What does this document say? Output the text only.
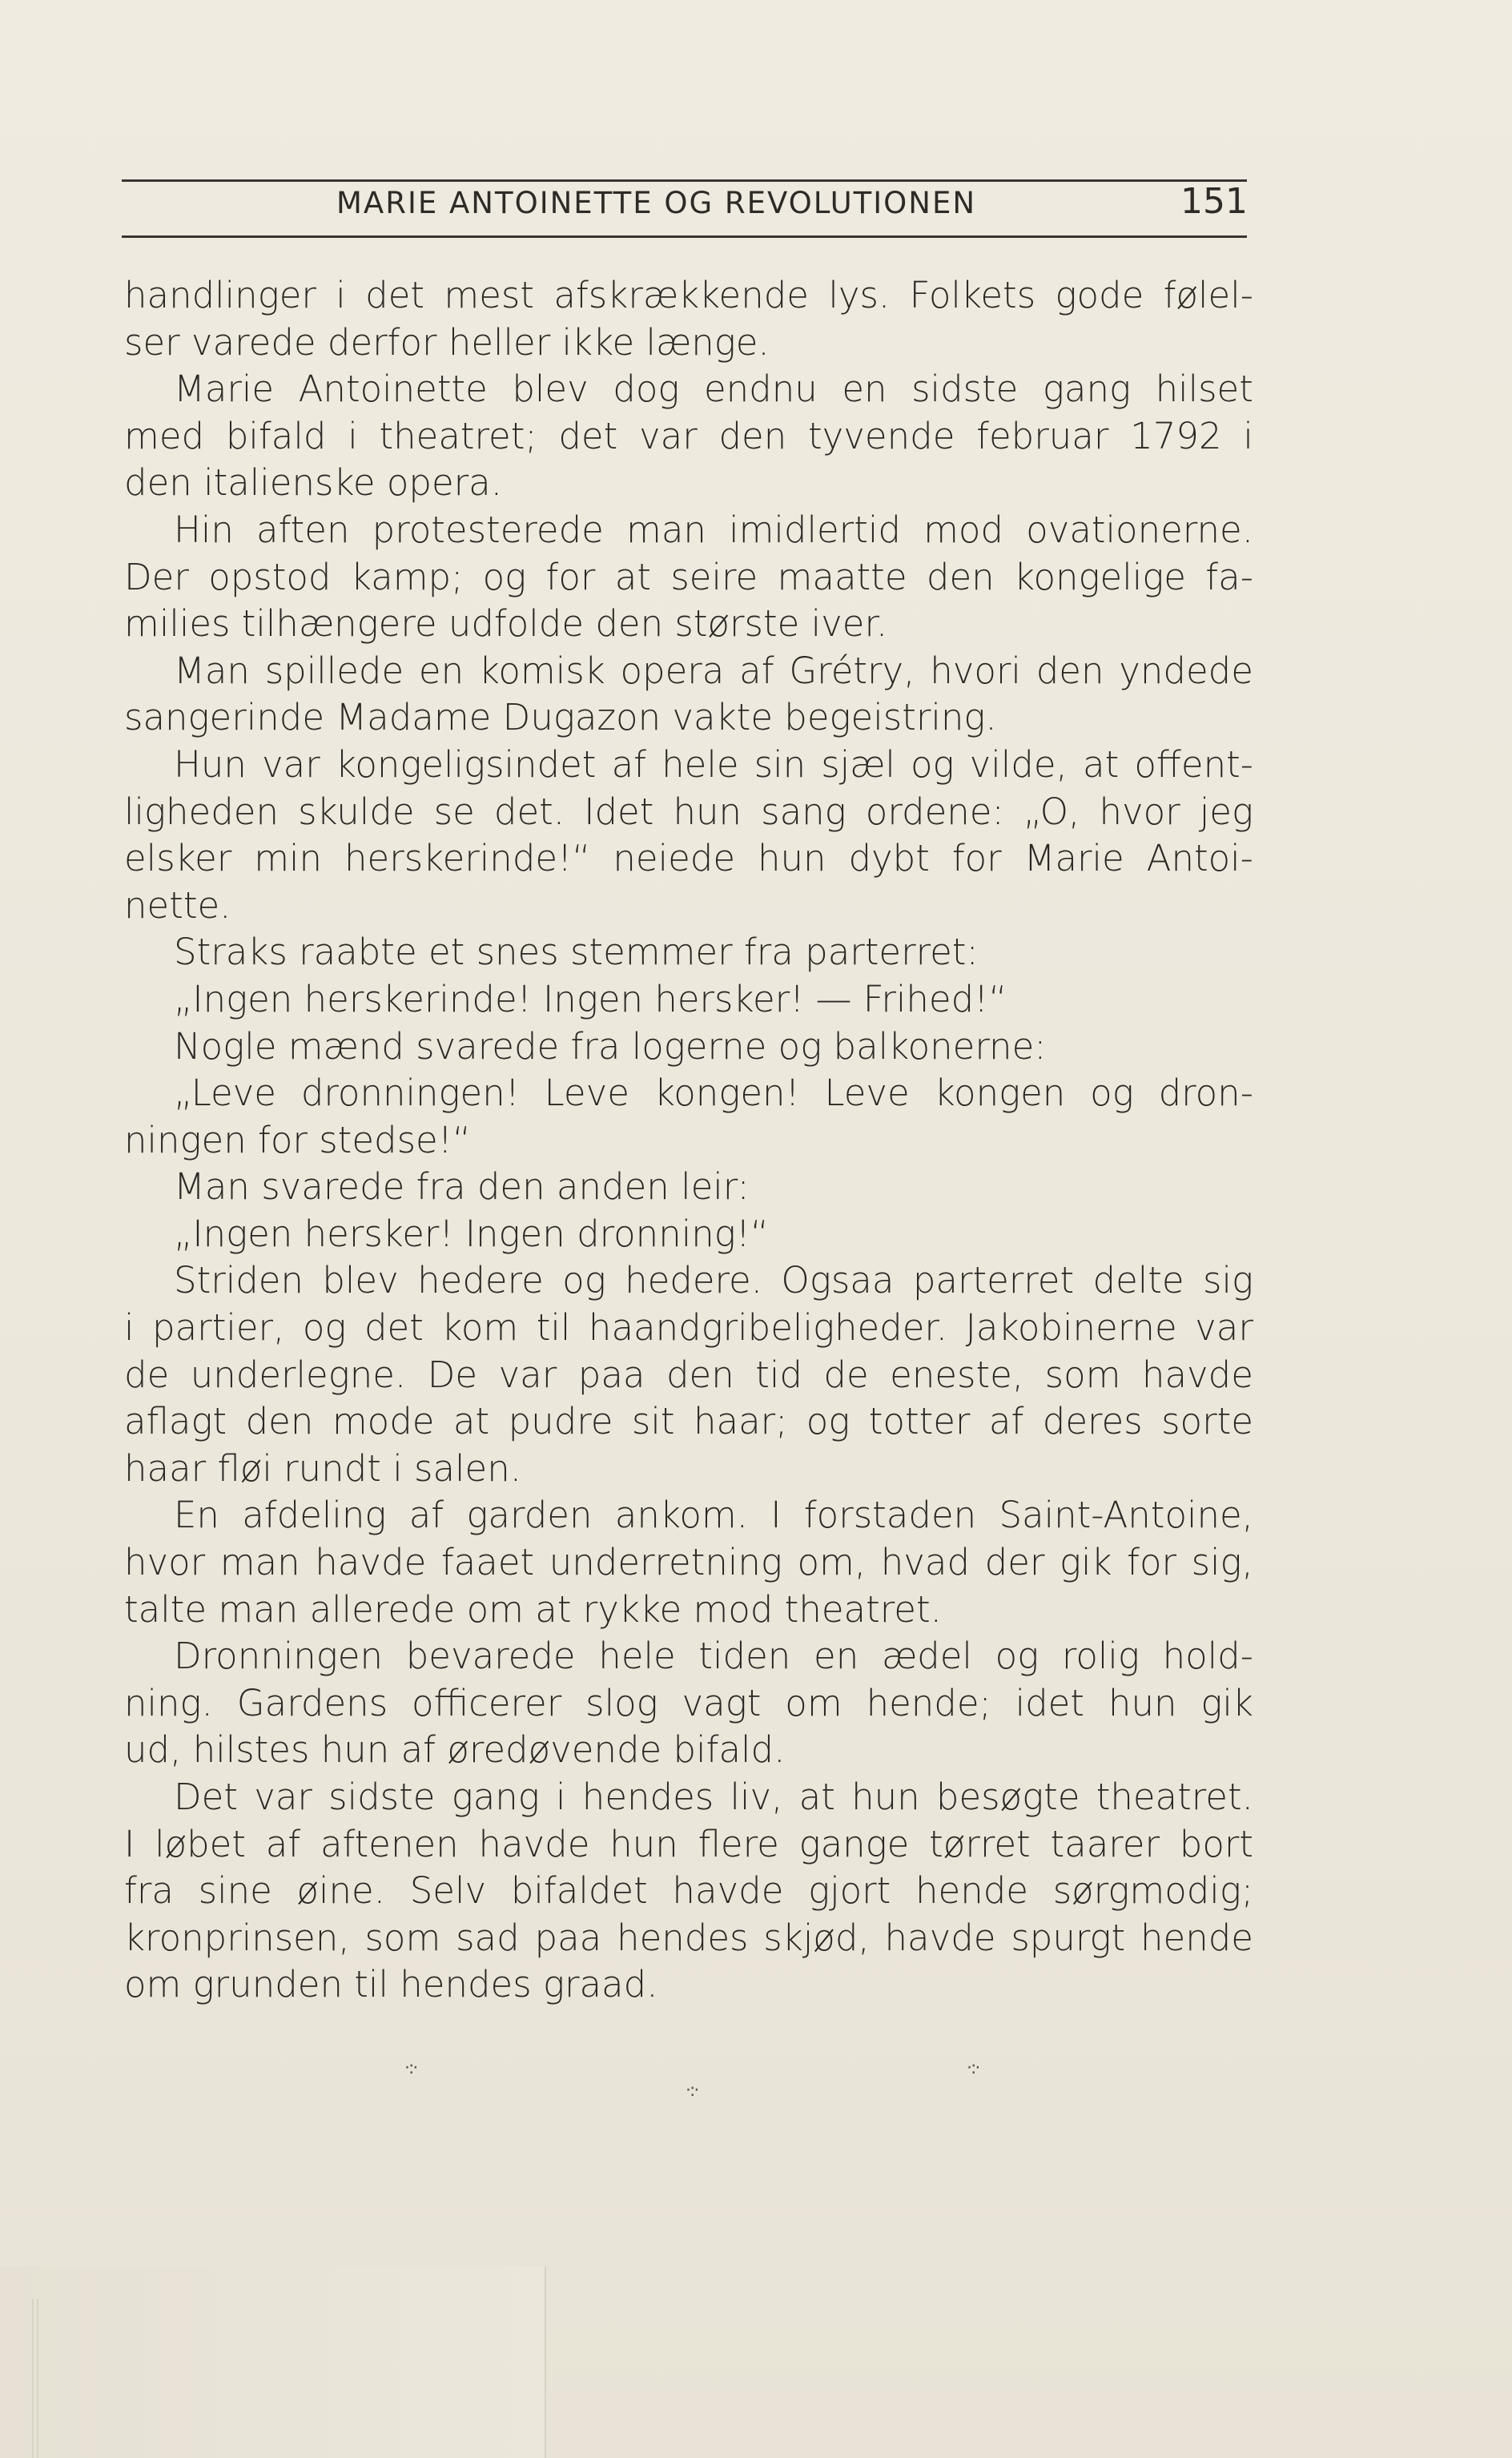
MARIE ANTOINETTE OG REVOLUTIONEN	151
handlinger i det mest afskrækkende lys. Folkets gode følel-
ser varede derfor heller ikke længe.
Marie Antoinette blev dog endnu en sidste gang hilset
med bifald i theatret; det var den tyvende februar 1792 i
den italienske opera.
Hin aften protesterede man imidlertid mod ovationerne.
Der opstod kamp; og for at seire maatte den kongelige fa-
milies tilhængere udfolde den største iver.
Man spillede en komisk opera af Grétry, hvori den yndede
sangerinde Madame Dugazon vakte begeistring.
Hun var kongeligsindet af hele sin sjæl og vilde, at offent-
ligheden skulde se det. Idet hun sang ordene: „O, hvor jeg
elsker min herskerinde!“ neiede hun dybt for Marie Antoi-
nette.
Straks raabte et snes stemmer fra parterret:
„Ingen herskerinde! Ingen hersker! — Frihed!“
Nogle mænd svarede fra logerne og balkonerne:
„Leve dronningen! Leve kongen! Leve kongen og dron-
ningen for stedse!“
Man svarede fra den anden leir:
„Ingen hersker! Ingen dronning!“
Striden blev hedere og hedere. Ogsaa parterret delte sig
i partier, og det kom til haandgribeligheder. Jakobinerne var
de underlegne. De var paa den tid de eneste, som havde
aflagt den mode at pudre sit haar; og totter af deres sorte
haar fløi rundt i salen.
En afdeling af garden ankom. I forstaden Saint-Antoine,
hvor man havde faaet underretning om, hvad der gik for sig,
talte man allerede om at rykke mod theatret.
Dronningen bevarede hele tiden en ædel og rolig hold-
ning. Gardens officerer slog vagt om hende; idet hun gik
ud, hilstes hun af øredøvende bifald.
Det var sidste gang i hendes liv, at hun besøgte theatret.
I løbet af aftenen havde hun flere gange tørret taarer bort
fra sine øine. Selv bifaldet havde gjort hende sørgmodig;
kronprinsen, som sad paa hendes skjød, havde spurgt hende
om grunden til hendes graad.
·:·	·:·
·:·
